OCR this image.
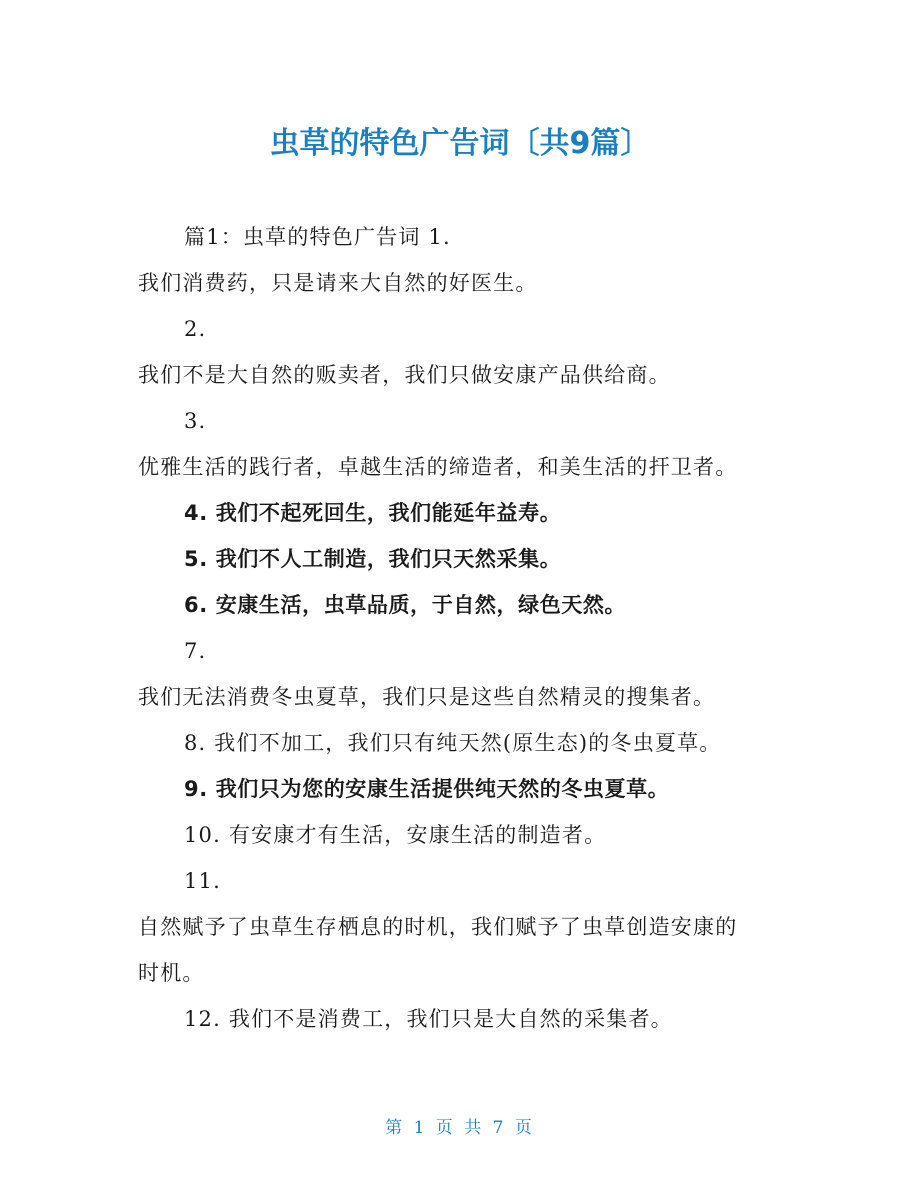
虫草的特色广告词〔共9篇〕
篇1：虫草的特色广告词 1.
我们消费药，只是请来大自然的好医生。
2.
我们不是大自然的贩卖者，我们只做安康产品供给商。
3.
优雅生活的践行者，卓越生活的缔造者，和美生活的扞卫者。
4. 我们不起死回生，我们能延年益寿。
5. 我们不人工制造，我们只天然采集。
6. 安康生活，虫草品质，于自然，绿色天然。
7.
我们无法消费冬虫夏草，我们只是这些自然精灵的搜集者。
8. 我们不加工，我们只有纯天然(原生态)的冬虫夏草。
9. 我们只为您的安康生活提供纯天然的冬虫夏草。
10. 有安康才有生活，安康生活的制造者。
11.
自然赋予了虫草生存栖息的时机，我们赋予了虫草创造安康的
时机。
12. 我们不是消费工，我们只是大自然的采集者。
第 1 页 共 7 页
